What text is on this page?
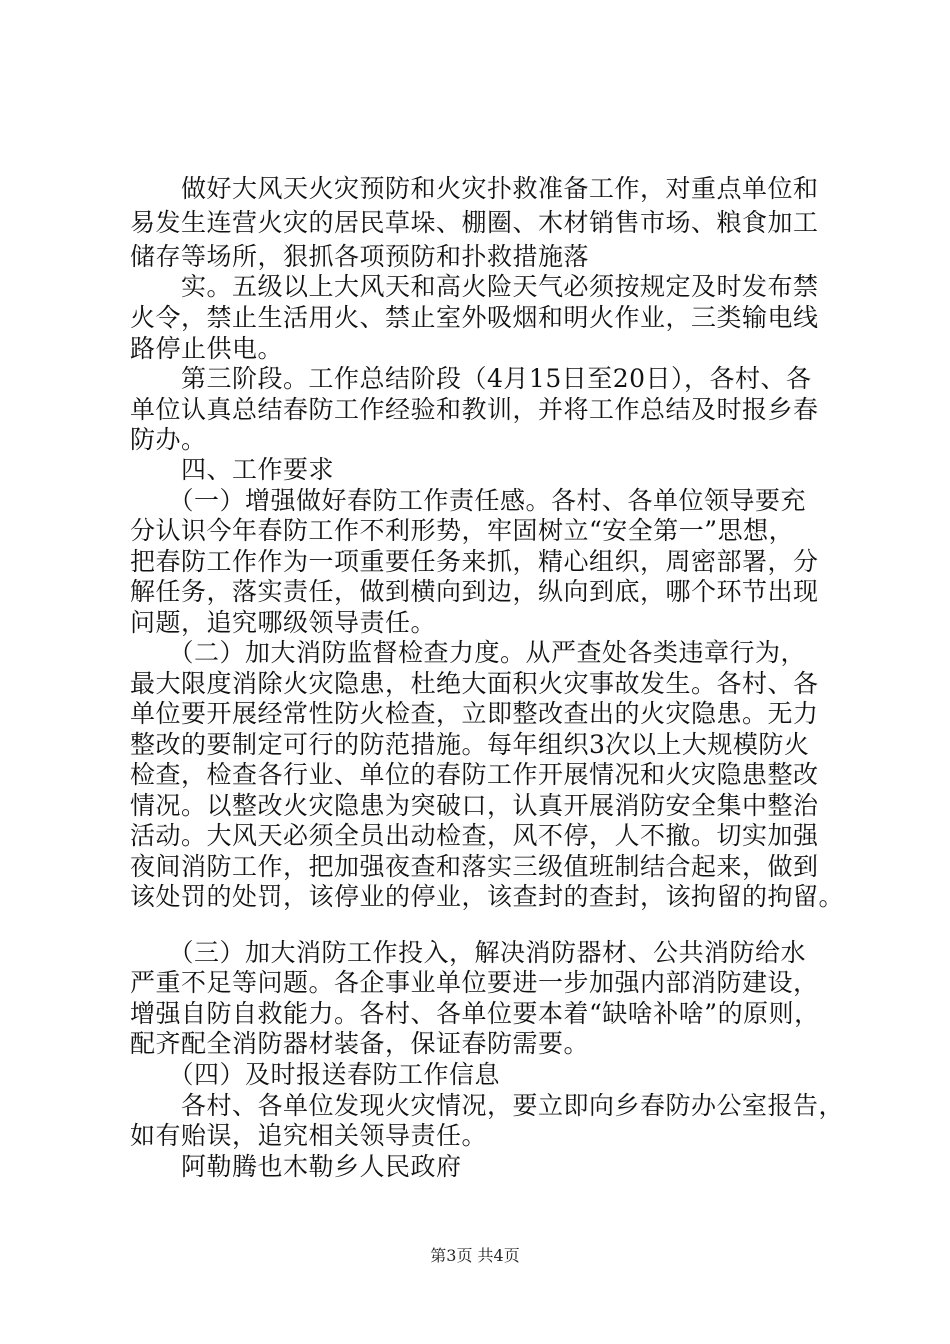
　　做好大风天火灾预防和火灾扑救准备工作，对重点单位和
易发生连营火灾的居民草垛、棚圈、木材销售市场、粮食加工
储存等场所，狠抓各项预防和扑救措施落
　　实。五级以上大风天和高火险天气必须按规定及时发布禁
火令，禁止生活用火、禁止室外吸烟和明火作业，三类输电线
路停止供电。
　　第三阶段。工作总结阶段（4月15日至20日），各村、各
单位认真总结春防工作经验和教训，并将工作总结及时报乡春
防办。
　　四、工作要求
　　（一）增强做好春防工作责任感。各村、各单位领导要充
分认识今年春防工作不利形势，牢固树立“安全第一”思想，
把春防工作作为一项重要任务来抓，精心组织，周密部署，分
解任务，落实责任，做到横向到边，纵向到底，哪个环节出现
问题，追究哪级领导责任。
　　（二）加大消防监督检查力度。从严查处各类违章行为，
最大限度消除火灾隐患，杜绝大面积火灾事故发生。各村、各
单位要开展经常性防火检查，立即整改查出的火灾隐患。无力
整改的要制定可行的防范措施。每年组织3次以上大规模防火
检查，检查各行业、单位的春防工作开展情况和火灾隐患整改
情况。以整改火灾隐患为突破口，认真开展消防安全集中整治
活动。大风天必须全员出动检查，风不停，人不撤。切实加强
夜间消防工作，把加强夜查和落实三级值班制结合起来，做到
该处罚的处罚，该停业的停业，该查封的查封，该拘留的拘留。
　　（三）加大消防工作投入，解决消防器材、公共消防给水
严重不足等问题。各企事业单位要进一步加强内部消防建设，
增强自防自救能力。各村、各单位要本着“缺啥补啥”的原则，
配齐配全消防器材装备，保证春防需要。
　　（四）及时报送春防工作信息
　　各村、各单位发现火灾情况，要立即向乡春防办公室报告，
如有贻误，追究相关领导责任。
　　阿勒腾也木勒乡人民政府
第3页 共4页
